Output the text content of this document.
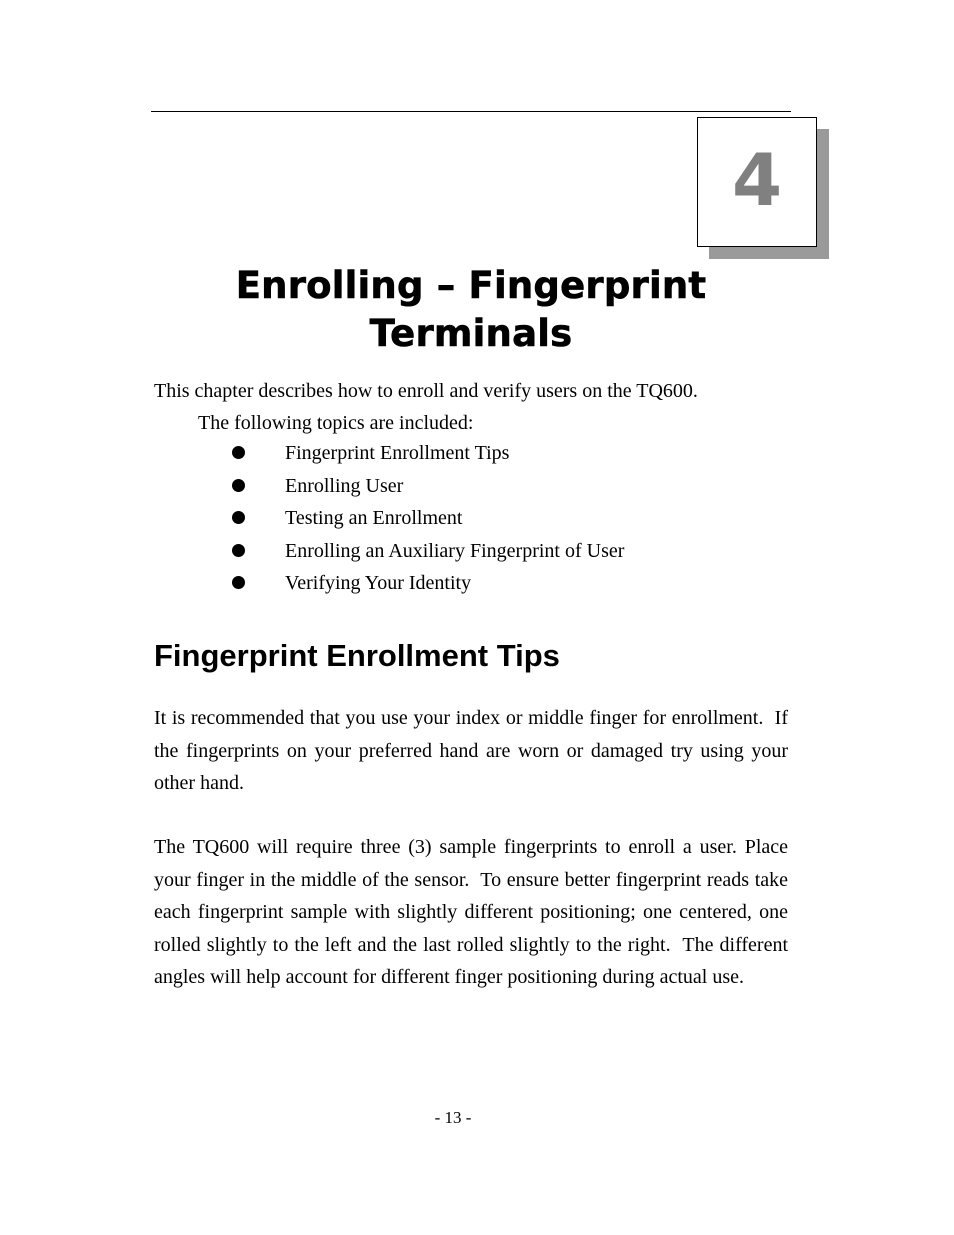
4
Enrolling – Fingerprint
Terminals

This chapter describes how to enroll and verify users on the TQ600.

The following topics are included:

Fingerprint Enrollment Tips
Enrolling User
Testing an Enrollment
Enrolling an Auxiliary Fingerprint of User
Verifying Your Identity
Fingerprint Enrollment Tips

It is recommended that you use your index or middle finger for enrollment.  If the fingerprints on your preferred hand are worn or damaged try using your other hand.

The TQ600 will require three (3) sample fingerprints to enroll a user. Place your finger in the middle of the sensor.  To ensure better fingerprint reads take each fingerprint sample with slightly different positioning; one centered, one rolled slightly to the left and the last rolled slightly to the right.  The different angles will help account for different finger positioning during actual use.

- 13 -
